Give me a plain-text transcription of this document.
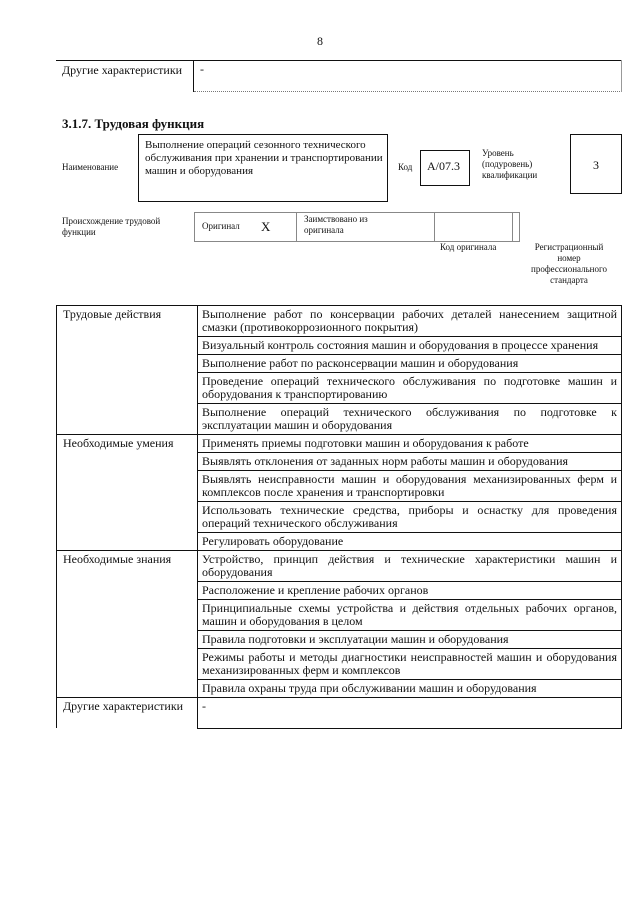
8
Другие характеристики	-
3.1.7. Трудовая функция
Наименование
Выполнение операций сезонного технического обслуживания при хранении и транспортировании машин и оборудования	Код	A/07.3
Уровень (подуровень) квалификации
3
Происхождение трудовой функции
Оригинал X	Заимствовано из оригинала
Код оригинала	Регистрационный номер профессионального стандарта
Трудовые действия	Выполнение работ по консервации рабочих деталей нанесением защитной смазки (противокоррозионного покрытия)
	Визуальный контроль состояния машин и оборудования в процессе хранения
	Выполнение работ по расконсервации машин и оборудования
	Проведение операций технического обслуживания по подготовке машин и оборудования к транспортированию
	Выполнение операций технического обслуживания по подготовке к эксплуатации машин и оборудования
Необходимые умения	Применять приемы подготовки машин и оборудования к работе
	Выявлять отклонения от заданных норм работы машин и оборудования
	Выявлять неисправности машин и оборудования механизированных ферм и комплексов после хранения и транспортировки
	Использовать технические средства, приборы и оснастку для проведения операций технического обслуживания
	Регулировать оборудование
Необходимые знания	Устройство, принцип действия и технические характеристики машин и оборудования
	Расположение и крепление рабочих органов
	Принципиальные схемы устройства и действия отдельных рабочих органов, машин и оборудования в целом
	Правила подготовки и эксплуатации машин и оборудования
	Режимы работы и методы диагностики неисправностей машин и оборудования механизированных ферм и комплексов
	Правила охраны труда при обслуживании машин и оборудования
Другие характеристики	-
